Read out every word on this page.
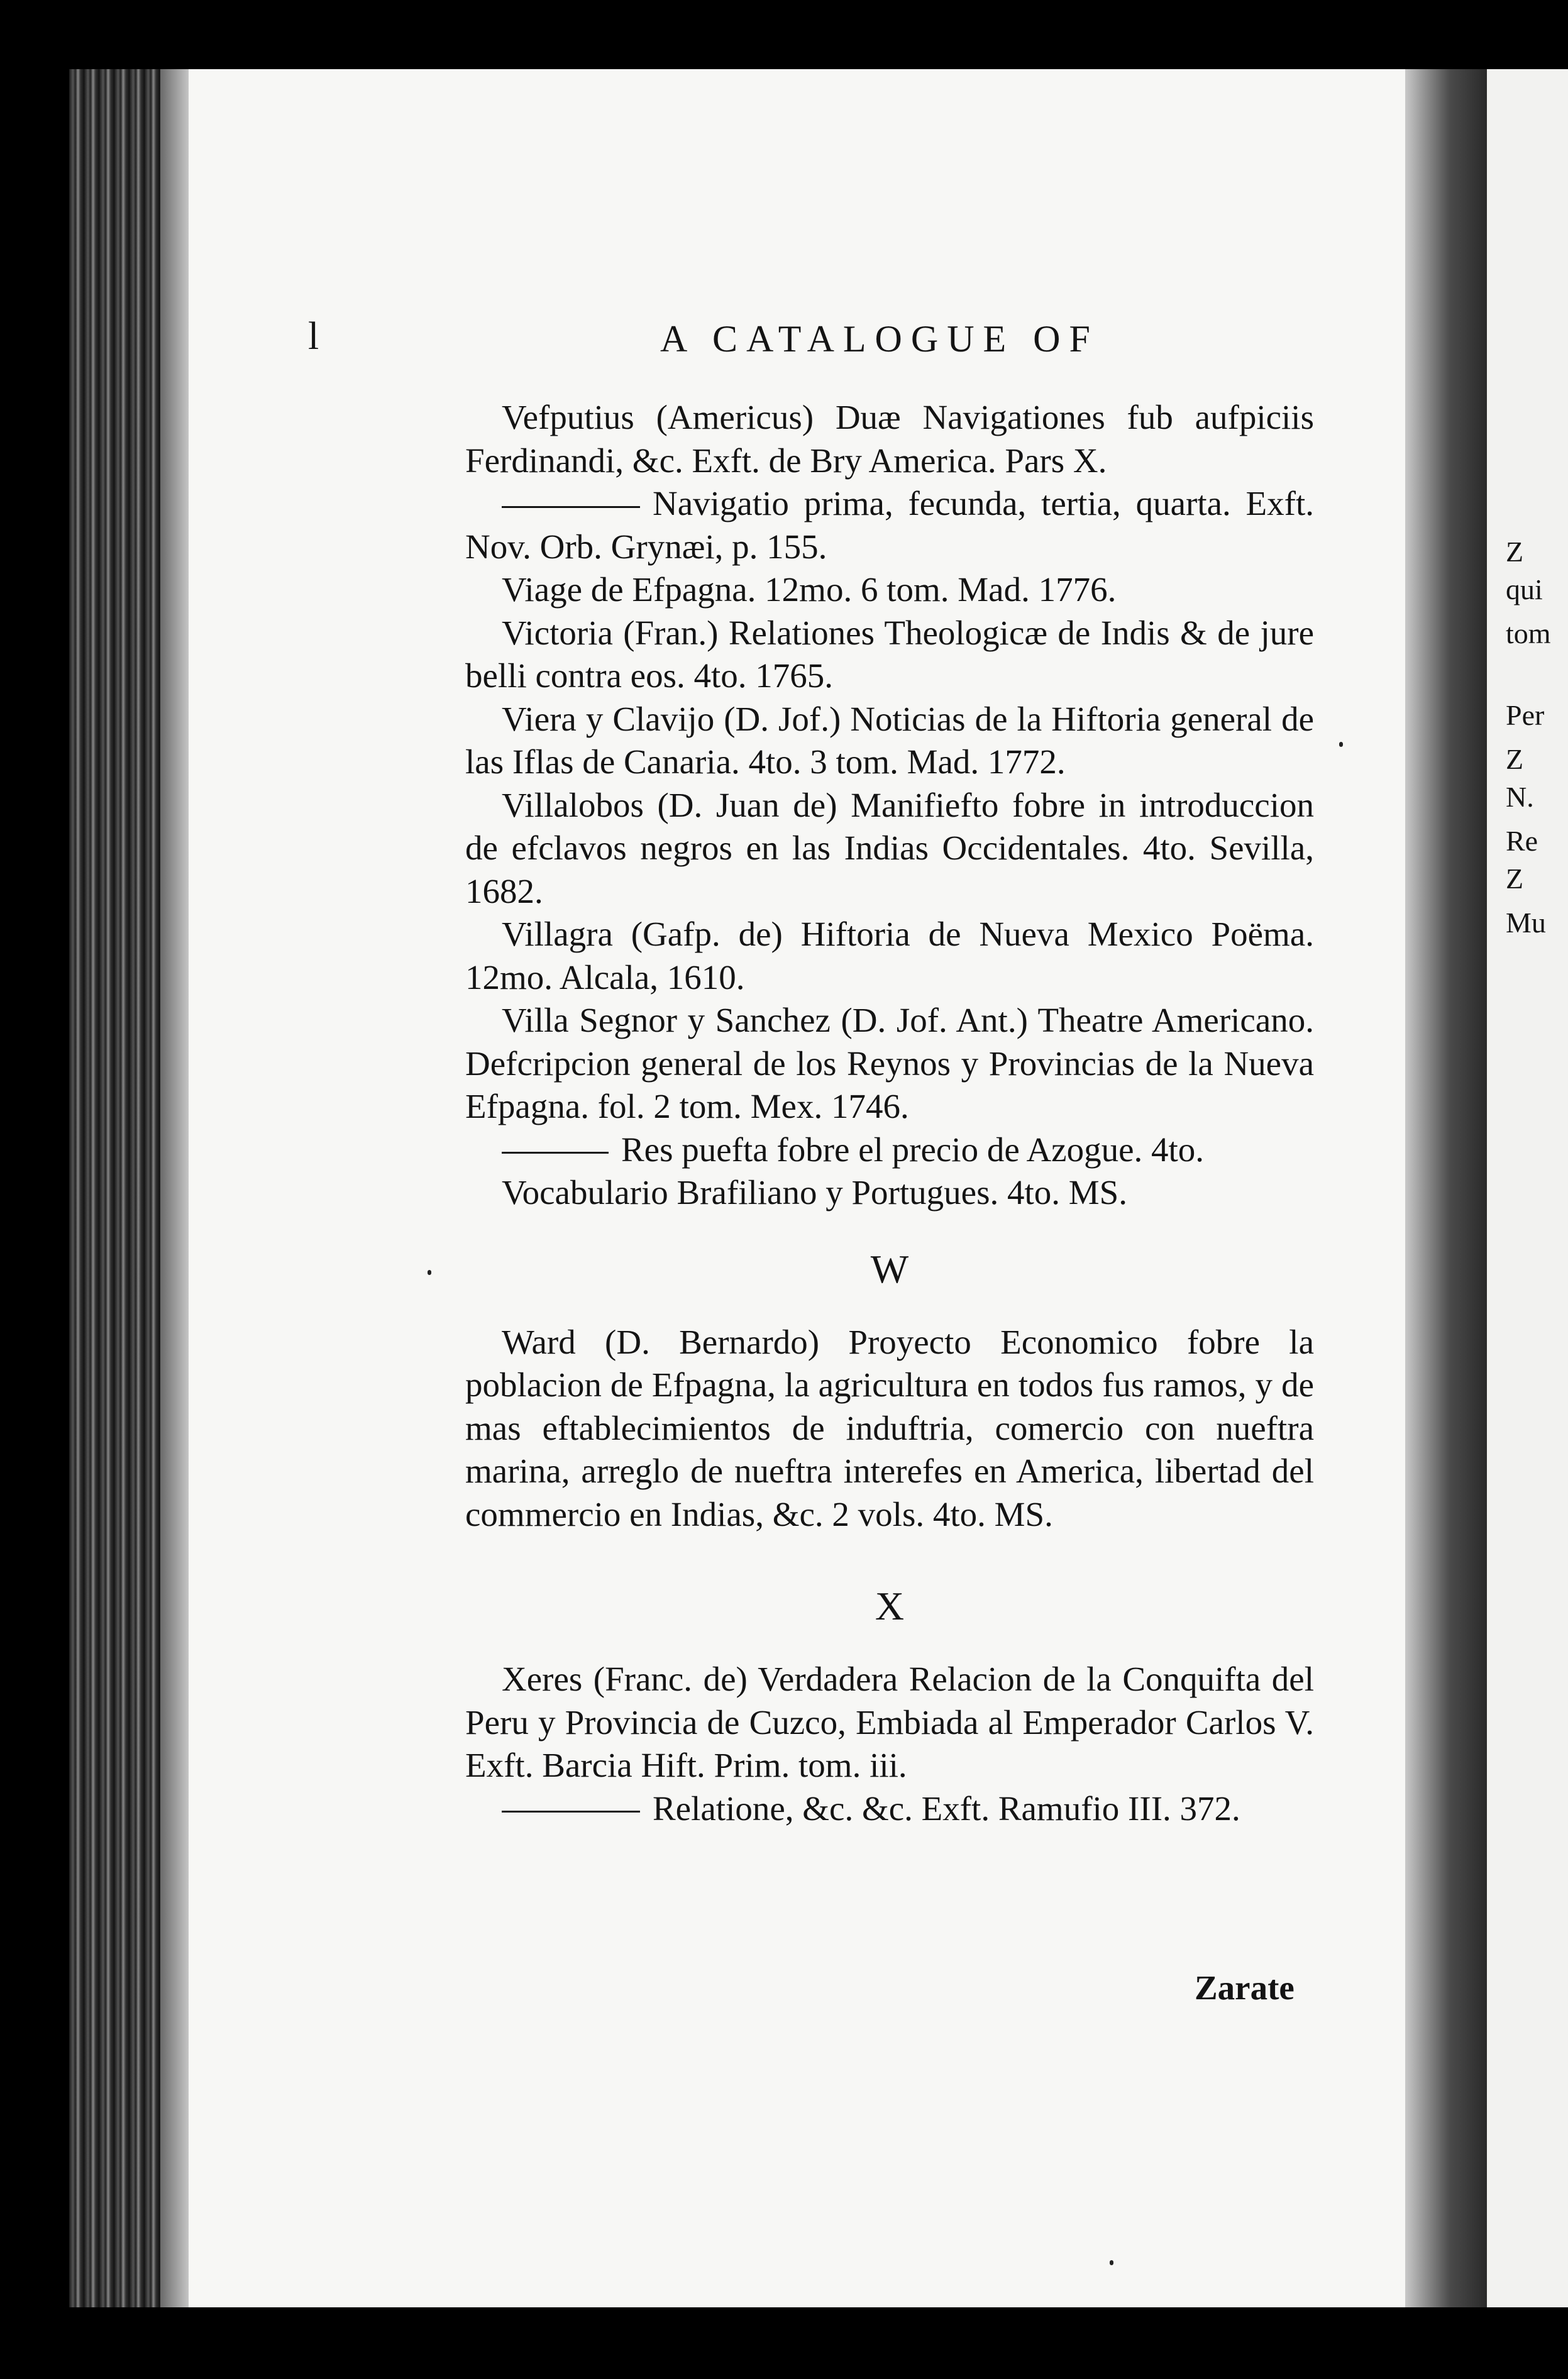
Z
qui
tom
Per
Z
N.
Re
Z
Mu
l	A CATALOGUE OF

Vefputius (Americus) Duæ Navigationes fub aufpiciis Ferdinandi, &c. Exft. de Bry America. Pars X.

Navigatio prima, fecunda, tertia, quarta. Exft. Nov. Orb. Grynæi, p. 155.

Viage de Efpagna. 12mo. 6 tom. Mad. 1776.

Victoria (Fran.) Relationes Theologicæ de Indis & de jure belli contra eos. 4to. 1765.

Viera y Clavijo (D. Jof.) Noticias de la Hiftoria general de las Iflas de Canaria. 4to. 3 tom. Mad. 1772.

Villalobos (D. Juan de) Manifiefto fobre in introduccion de efclavos negros en las Indias Occidentales. 4to. Sevilla, 1682.

Villagra (Gafp. de) Hiftoria de Nueva Mexico Poëma. 12mo. Alcala, 1610.

Villa Segnor y Sanchez (D. Jof. Ant.) Theatre Americano. Defcripcion general de los Reynos y Provincias de la Nueva Efpagna. fol. 2 tom. Mex. 1746.

Res puefta fobre el precio de Azogue. 4to.

Vocabulario Brafiliano y Portugues. 4to. MS.

W

Ward (D. Bernardo) Proyecto Economico fobre la poblacion de Efpagna, la agricultura en todos fus ramos, y de mas eftablecimientos de induftria, comercio con nueftra marina, arreglo de nueftra interefes en America, libertad del commercio en Indias, &c. 2 vols. 4to. MS.

X

Xeres (Franc. de) Verdadera Relacion de la Conquifta del Peru y Provincia de Cuzco, Embiada al Emperador Carlos V. Exft. Barcia Hift. Prim. tom. iii.

Relatione, &c. &c. Exft. Ramufio III. 372.

Zarate
